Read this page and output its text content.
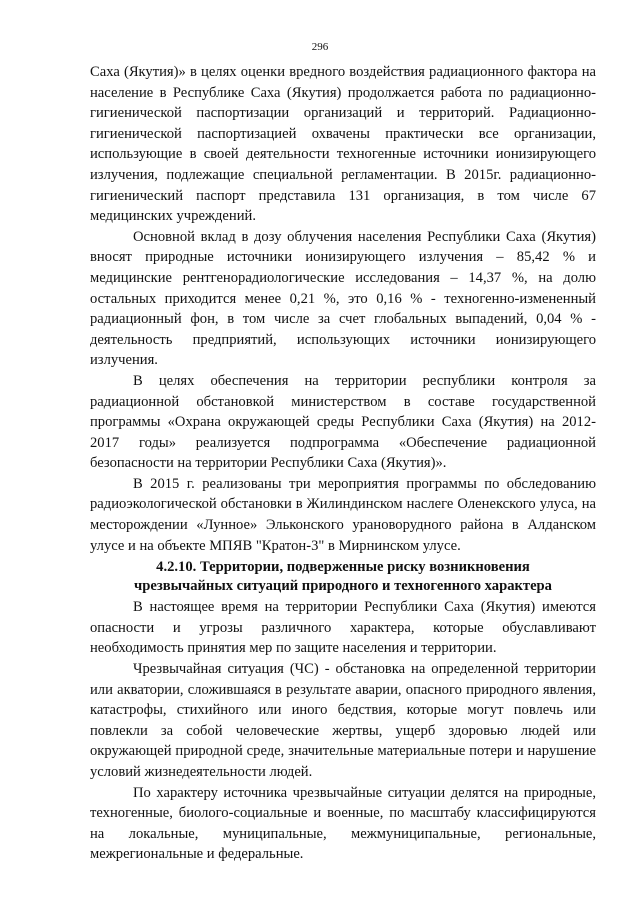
296

Саха (Якутия)» в целях оценки вредного воздействия радиационного фактора на население в Республике Саха (Якутия) продолжается работа по радиационно-гигиенической паспортизации организаций и территорий. Радиационно-гигиенической паспортизацией охвачены практически все организации, использующие в своей деятельности техногенные источники ионизирующего излучения, подлежащие специальной регламентации. В 2015г. радиационно-гигиенический паспорт представила 131 организация, в том числе 67 медицинских учреждений.

Основной вклад в дозу облучения населения Республики Саха (Якутия) вносят природные источники ионизирующего излучения – 85,42 % и медицинские рентгенорадиологические исследования – 14,37 %, на долю остальных приходится менее 0,21 %, это 0,16 % - техногенно-измененный радиационный фон, в том числе за счет глобальных выпадений, 0,04 % - деятельность предприятий, использующих источники ионизирующего излучения.

В целях обеспечения на территории республики контроля за радиационной обстановкой министерством в составе государственной программы «Охрана окружающей среды Республики Саха (Якутия) на 2012-2017 годы» реализуется подпрограмма «Обеспечение радиационной безопасности на территории Республики Саха (Якутия)».

В 2015 г. реализованы три мероприятия программы по обследованию радиоэкологической обстановки в Жилиндинском наслеге Оленекского улуса, на месторождении «Лунное» Эльконского урановорудного района в Алданском улусе и на объекте МПЯВ "Кратон-3" в Мирнинском улусе.

4.2.10. Территории, подверженные риску возникновения
чрезвычайных ситуаций природного и техногенного характера

В настоящее время на территории Республики Саха (Якутия) имеются опасности и угрозы различного характера, которые обуславливают необходимость принятия мер по защите населения и территории.

Чрезвычайная ситуация (ЧС) - обстановка на определенной территории или акватории, сложившаяся в результате аварии, опасного природного явления, катастрофы, стихийного или иного бедствия, которые могут повлечь или повлекли за собой человеческие жертвы, ущерб здоровью людей или окружающей природной среде, значительные материальные потери и нарушение условий жизнедеятельности людей.

По характеру источника чрезвычайные ситуации делятся на природные, техногенные, биолого-социальные и военные, по масштабу классифицируются на локальные, муниципальные, межмуниципальные, региональные, межрегиональные и федеральные.
